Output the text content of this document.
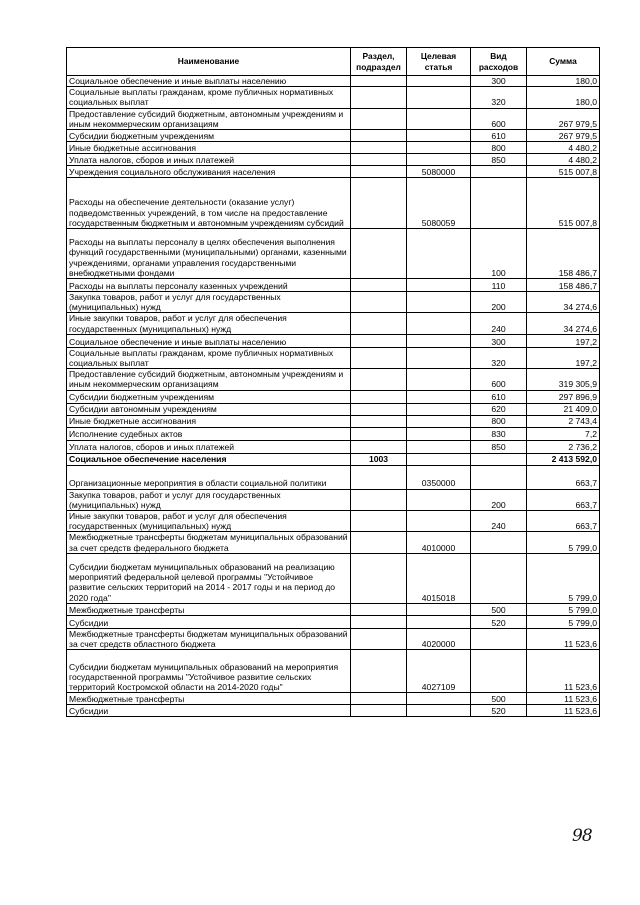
Наименование	Раздел, подраздел	Целевая статья	Вид расходов	Сумма
Социальное обеспечение и иные выплаты населению			300	180,0
Социальные выплаты гражданам, кроме публичных нормативных социальных выплат			320	180,0
Предоставление субсидий бюджетным, автономным учреждениям и иным некоммерческим организациям			600	267 979,5
Субсидии бюджетным учреждениям			610	267 979,5
Иные бюджетные ассигнования			800	4 480,2
Уплата налогов, сборов и иных платежей			850	4 480,2
Учреждения социального обслуживания населения		5080000		515 007,8
Расходы на обеспечение деятельности (оказание услуг) подведомственных учреждений, в том числе на предоставление государственным бюджетным и автономным учреждениям субсидий		5080059		515 007,8
Расходы на выплаты персоналу в целях обеспечения выполнения функций государственными (муниципальными) органами, казенными учреждениями, органами управления государственными внебюджетными фондами			100	158 486,7
Расходы на выплаты персоналу казенных учреждений			110	158 486,7
Закупка товаров, работ и услуг для государственных (муниципальных) нужд			200	34 274,6
Иные закупки товаров, работ и услуг для обеспечения государственных (муниципальных) нужд			240	34 274,6
Социальное обеспечение и иные выплаты населению			300	197,2
Социальные выплаты гражданам, кроме публичных нормативных социальных выплат			320	197,2
Предоставление субсидий бюджетным, автономным учреждениям и иным некоммерческим организациям			600	319 305,9
Субсидии бюджетным учреждениям			610	297 896,9
Субсидии автономным учреждениям			620	21 409,0
Иные бюджетные ассигнования			800	2 743,4
Исполнение судебных актов			830	7,2
Уплата налогов, сборов и иных платежей			850	2 736,2
Социальное обеспечение населения	1003			2 413 592,0
Организационные мероприятия в области социальной политики		0350000		663,7
Закупка товаров, работ и услуг для государственных (муниципальных) нужд			200	663,7
Иные закупки товаров, работ и услуг для обеспечения государственных (муниципальных) нужд			240	663,7
Межбюджетные трансферты бюджетам муниципальных образований за счет средств федерального бюджета		4010000		5 799,0
Субсидии бюджетам муниципальных образований на реализацию мероприятий федеральной целевой программы "Устойчивое развитие сельских территорий на 2014 - 2017 годы и на период до 2020 года"		4015018		5 799,0
Межбюджетные трансферты			500	5 799,0
Субсидии			520	5 799,0
Межбюджетные трансферты бюджетам муниципальных образований за счет средств областного бюджета		4020000		11 523,6
Субсидии бюджетам муниципальных образований на мероприятия государственной программы "Устойчивое развитие сельских территорий Костромской области на 2014-2020 годы"		4027109		11 523,6
Межбюджетные трансферты			500	11 523,6
Субсидии			520	11 523,6
98
